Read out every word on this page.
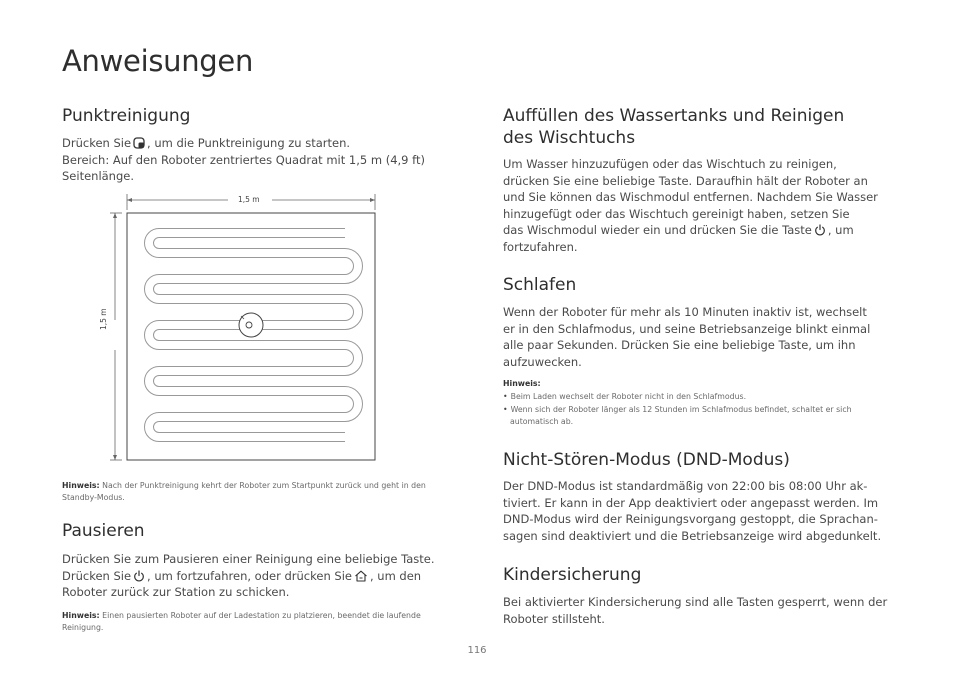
Anweisungen
Punktreinigung
Drücken Sie , um die Punktreinigung zu starten.
Bereich: Auf den Roboter zentriertes Quadrat mit 1,5 m (4,9 ft)
Seitenlänge.
1,5 m
1,5 m
Hinweis: Nach der Punktreinigung kehrt der Roboter zum Startpunkt zurück und geht in den Standby-Modus.
Pausieren
Drücken Sie zum Pausieren einer Reinigung eine beliebige Taste.
Drücken Sie , um fortzufahren, oder drücken Sie , um den
Roboter zurück zur Station zu schicken.
Hinweis: Einen pausierten Roboter auf der Ladestation zu platzieren, beendet die laufende Reinigung.
Auffüllen des Wassertanks und Reinigen
des Wischtuchs
Um Wasser hinzuzufügen oder das Wischtuch zu reinigen,
drücken Sie eine beliebige Taste. Daraufhin hält der Roboter an
und Sie können das Wischmodul entfernen. Nachdem Sie Wasser
hinzugefügt oder das Wischtuch gereinigt haben, setzen Sie
das Wischmodul wieder ein und drücken Sie die Taste , um
fortzufahren.
Schlafen
Wenn der Roboter für mehr als 10 Minuten inaktiv ist, wechselt
er in den Schlafmodus, und seine Betriebsanzeige blinkt einmal
alle paar Sekunden. Drücken Sie eine beliebige Taste, um ihn
aufzuwecken.
Hinweis:
• Beim Laden wechselt der Roboter nicht in den Schlafmodus.
• Wenn sich der Roboter länger als 12 Stunden im Schlafmodus befindet, schaltet er sich automatisch ab.
Nicht-Stören-Modus (DND-Modus)
Der DND-Modus ist standardmäßig von 22:00 bis 08:00 Uhr ak-
tiviert. Er kann in der App deaktiviert oder angepasst werden. Im
DND-Modus wird der Reinigungsvorgang gestoppt, die Sprachan-
sagen sind deaktiviert und die Betriebsanzeige wird abgedunkelt.
Kindersicherung
Bei aktivierter Kindersicherung sind alle Tasten gesperrt, wenn der
Roboter stillsteht.
116
